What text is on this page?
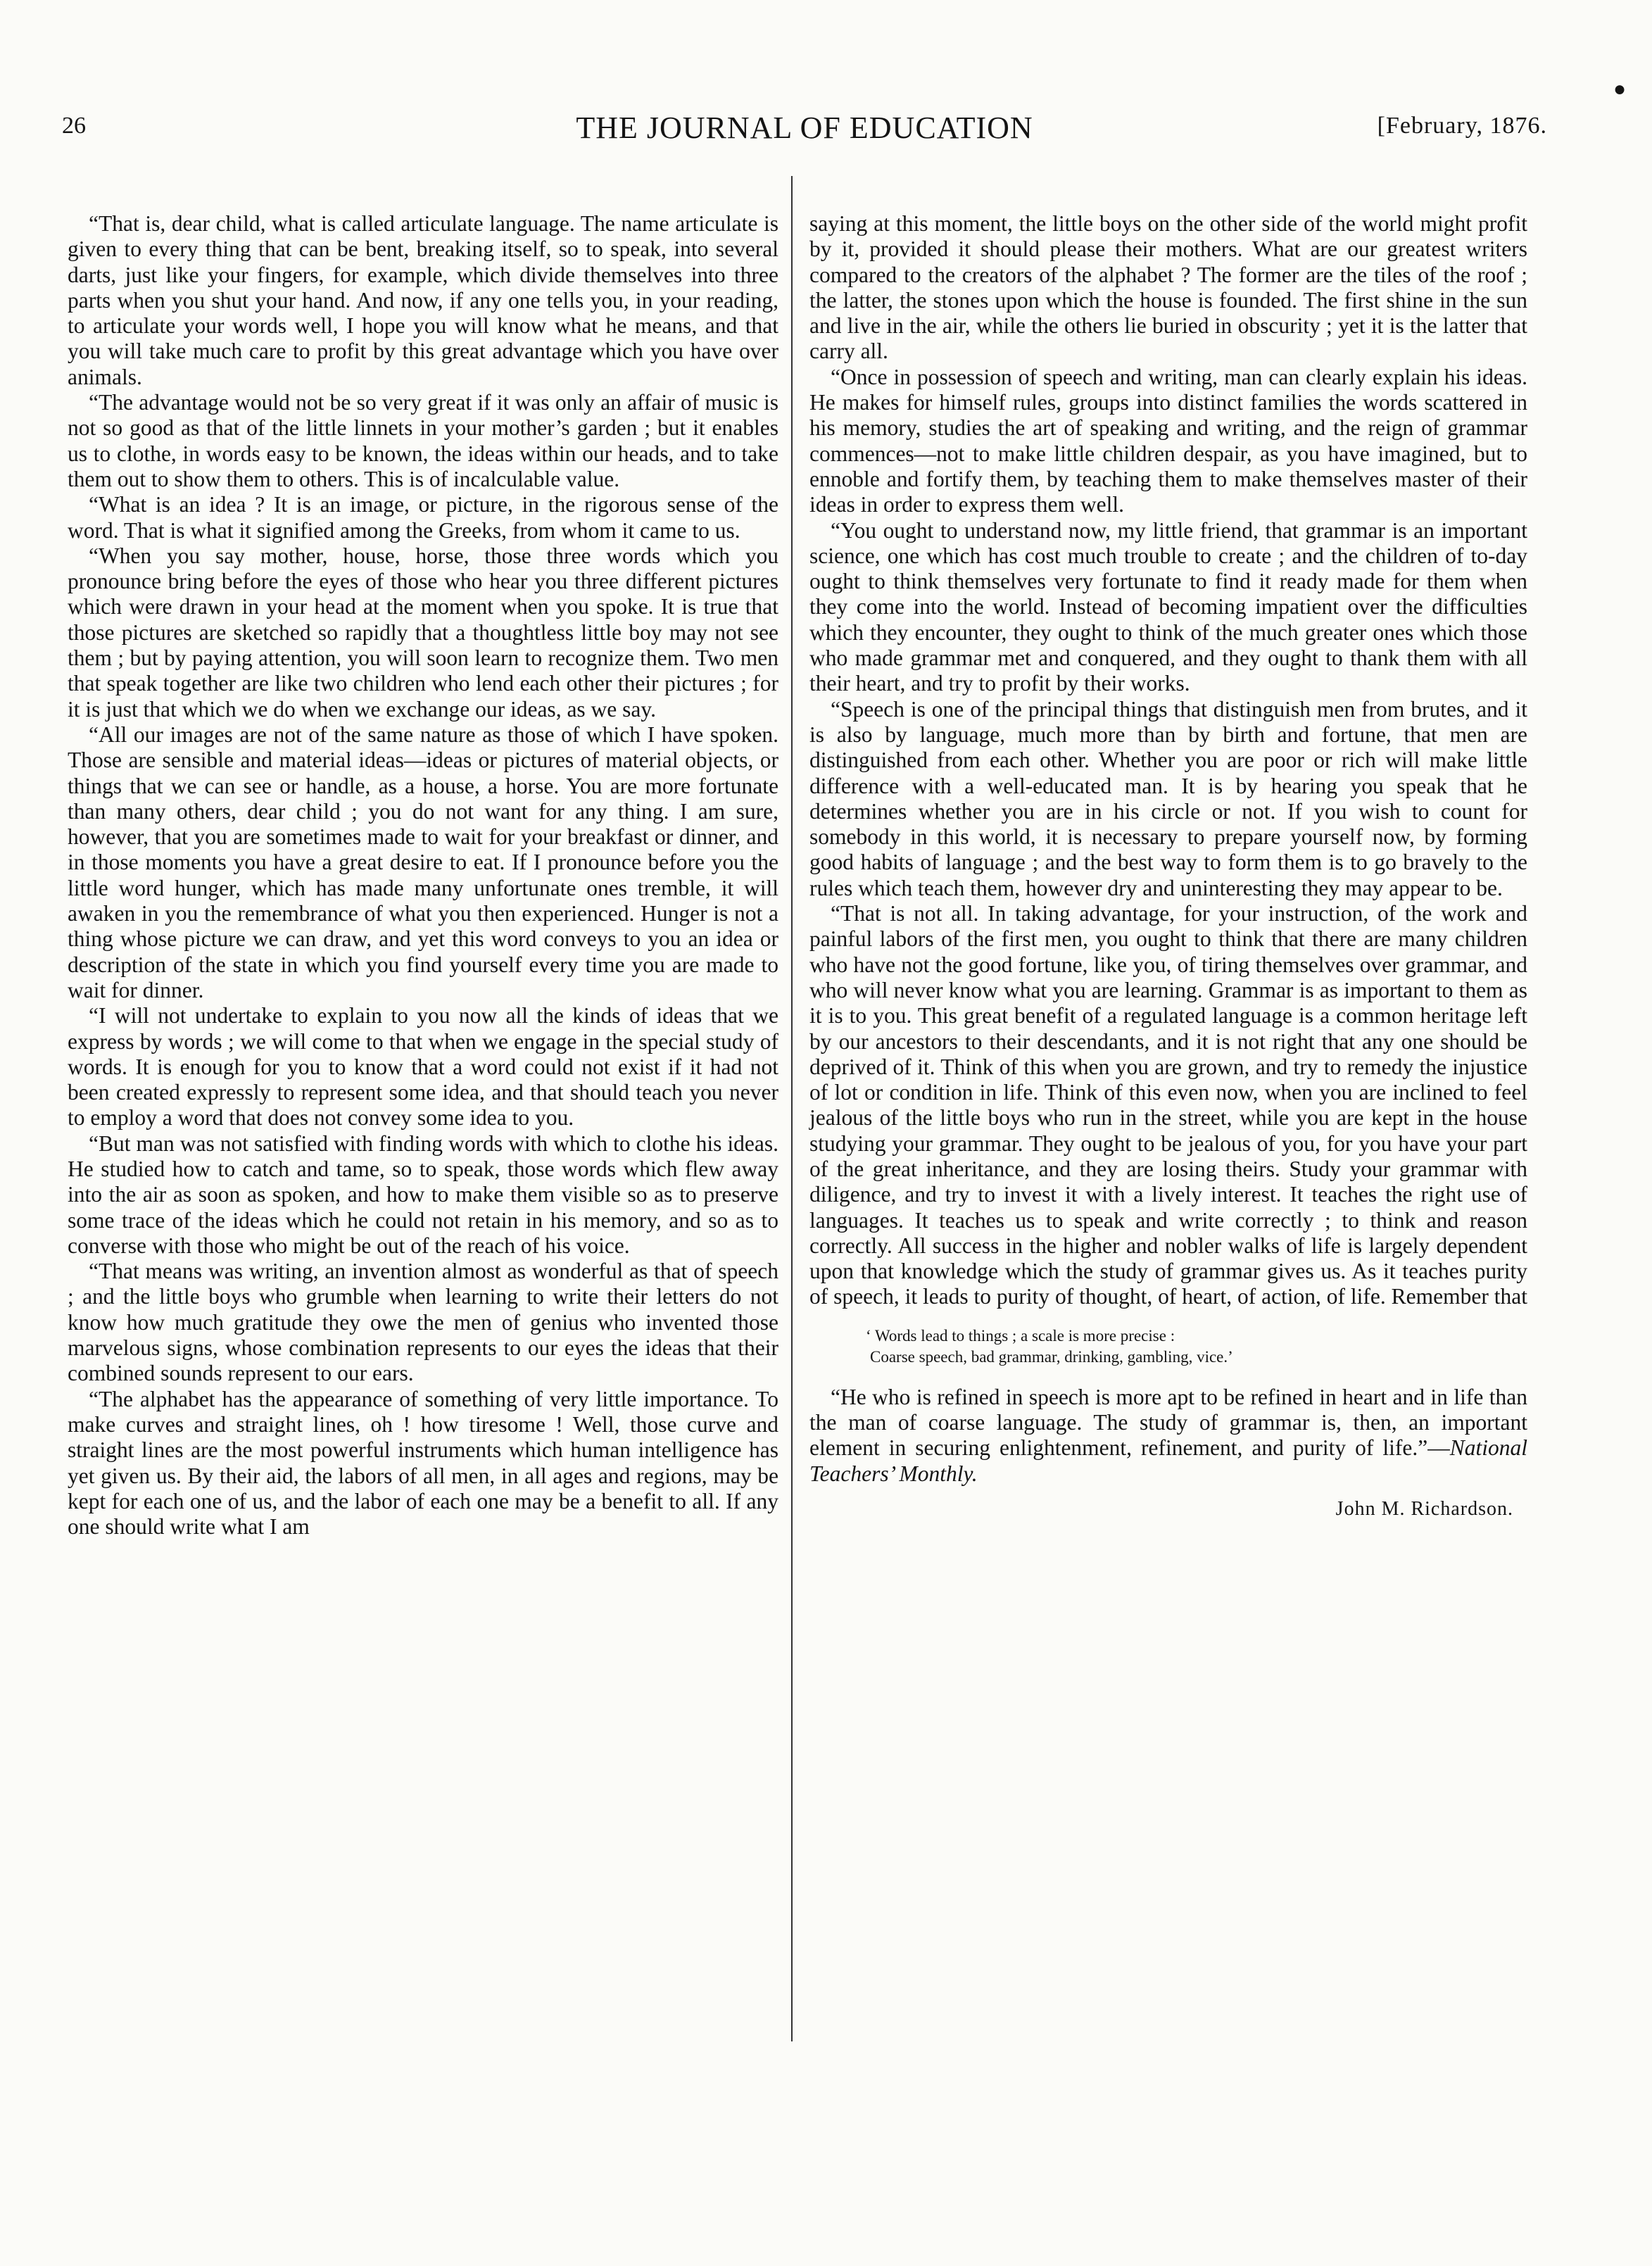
26	THE JOURNAL OF EDUCATION	[February, 1876.

“That is, dear child, what is called articulate language. The name articulate is given to every thing that can be bent, breaking itself, so to speak, into several darts, just like your fingers, for example, which divide themselves into three parts when you shut your hand. And now, if any one tells you, in your reading, to articulate your words well, I hope you will know what he means, and that you will take much care to profit by this great advantage which you have over animals.

“The advantage would not be so very great if it was only an affair of music is not so good as that of the little linnets in your mother’s garden ; but it enables us to clothe, in words easy to be known, the ideas within our heads, and to take them out to show them to others. This is of incalculable value.

“What is an idea ? It is an image, or picture, in the rigorous sense of the word. That is what it signified among the Greeks, from whom it came to us.

“When you say mother, house, horse, those three words which you pronounce bring before the eyes of those who hear you three different pictures which were drawn in your head at the moment when you spoke. It is true that those pictures are sketched so rapidly that a thoughtless little boy may not see them ; but by paying attention, you will soon learn to recognize them. Two men that speak together are like two children who lend each other their pictures ; for it is just that which we do when we exchange our ideas, as we say.

“All our images are not of the same nature as those of which I have spoken. Those are sensible and material ideas—ideas or pictures of material objects, or things that we can see or handle, as a house, a horse. You are more fortunate than many others, dear child ; you do not want for any thing. I am sure, however, that you are sometimes made to wait for your breakfast or dinner, and in those moments you have a great desire to eat. If I pronounce before you the little word hunger, which has made many unfortunate ones tremble, it will awaken in you the remembrance of what you then experienced. Hunger is not a thing whose picture we can draw, and yet this word conveys to you an idea or description of the state in which you find yourself every time you are made to wait for dinner.

“I will not undertake to explain to you now all the kinds of ideas that we express by words ; we will come to that when we engage in the special study of words. It is enough for you to know that a word could not exist if it had not been created expressly to represent some idea, and that should teach you never to employ a word that does not convey some idea to you.

“But man was not satisfied with finding words with which to clothe his ideas. He studied how to catch and tame, so to speak, those words which flew away into the air as soon as spoken, and how to make them visible so as to preserve some trace of the ideas which he could not retain in his memory, and so as to converse with those who might be out of the reach of his voice.

“That means was writing, an invention almost as wonderful as that of speech ; and the little boys who grumble when learning to write their letters do not know how much gratitude they owe the men of genius who invented those marvelous signs, whose combination represents to our eyes the ideas that their combined sounds represent to our ears.

“The alphabet has the appearance of something of very little importance. To make curves and straight lines, oh ! how tiresome ! Well, those curve and straight lines are the most powerful instruments which human intelligence has yet given us. By their aid, the labors of all men, in all ages and regions, may be kept for each one of us, and the labor of each one may be a benefit to all. If any one should write what I am

saying at this moment, the little boys on the other side of the world might profit by it, provided it should please their mothers. What are our greatest writers compared to the creators of the alphabet ? The former are the tiles of the roof ; the latter, the stones upon which the house is founded. The first shine in the sun and live in the air, while the others lie buried in obscurity ; yet it is the latter that carry all.

“Once in possession of speech and writing, man can clearly explain his ideas. He makes for himself rules, groups into distinct families the words scattered in his memory, studies the art of speaking and writing, and the reign of grammar commences—not to make little children despair, as you have imagined, but to ennoble and fortify them, by teaching them to make themselves master of their ideas in order to express them well.

“You ought to understand now, my little friend, that grammar is an important science, one which has cost much trouble to create ; and the children of to-day ought to think themselves very fortunate to find it ready made for them when they come into the world. Instead of becoming impatient over the difficulties which they encounter, they ought to think of the much greater ones which those who made grammar met and conquered, and they ought to thank them with all their heart, and try to profit by their works.

“Speech is one of the principal things that distinguish men from brutes, and it is also by language, much more than by birth and fortune, that men are distinguished from each other. Whether you are poor or rich will make little difference with a well-educated man. It is by hearing you speak that he determines whether you are in his circle or not. If you wish to count for somebody in this world, it is necessary to prepare yourself now, by forming good habits of language ; and the best way to form them is to go bravely to the rules which teach them, however dry and uninteresting they may appear to be.

“That is not all. In taking advantage, for your instruction, of the work and painful labors of the first men, you ought to think that there are many children who have not the good fortune, like you, of tiring themselves over grammar, and who will never know what you are learning. Grammar is as important to them as it is to you. This great benefit of a regulated language is a common heritage left by our ancestors to their descendants, and it is not right that any one should be deprived of it. Think of this when you are grown, and try to remedy the injustice of lot or condition in life. Think of this even now, when you are inclined to feel jealous of the little boys who run in the street, while you are kept in the house studying your grammar. They ought to be jealous of you, for you have your part of the great inheritance, and they are losing theirs. Study your grammar with diligence, and try to invest it with a lively interest. It teaches the right use of languages. It teaches us to speak and write correctly ; to think and reason correctly. All success in the higher and nobler walks of life is largely dependent upon that knowledge which the study of grammar gives us. As it teaches purity of speech, it leads to purity of thought, of heart, of action, of life. Remember that

‘ Words lead to things ; a scale is more precise :
Coarse speech, bad grammar, drinking, gambling, vice.’

“He who is refined in speech is more apt to be refined in heart and in life than the man of coarse language. The study of grammar is, then, an important element in securing enlightenment, refinement, and purity of life.”—National Teachers’ Monthly.

John M. Richardson.
●
